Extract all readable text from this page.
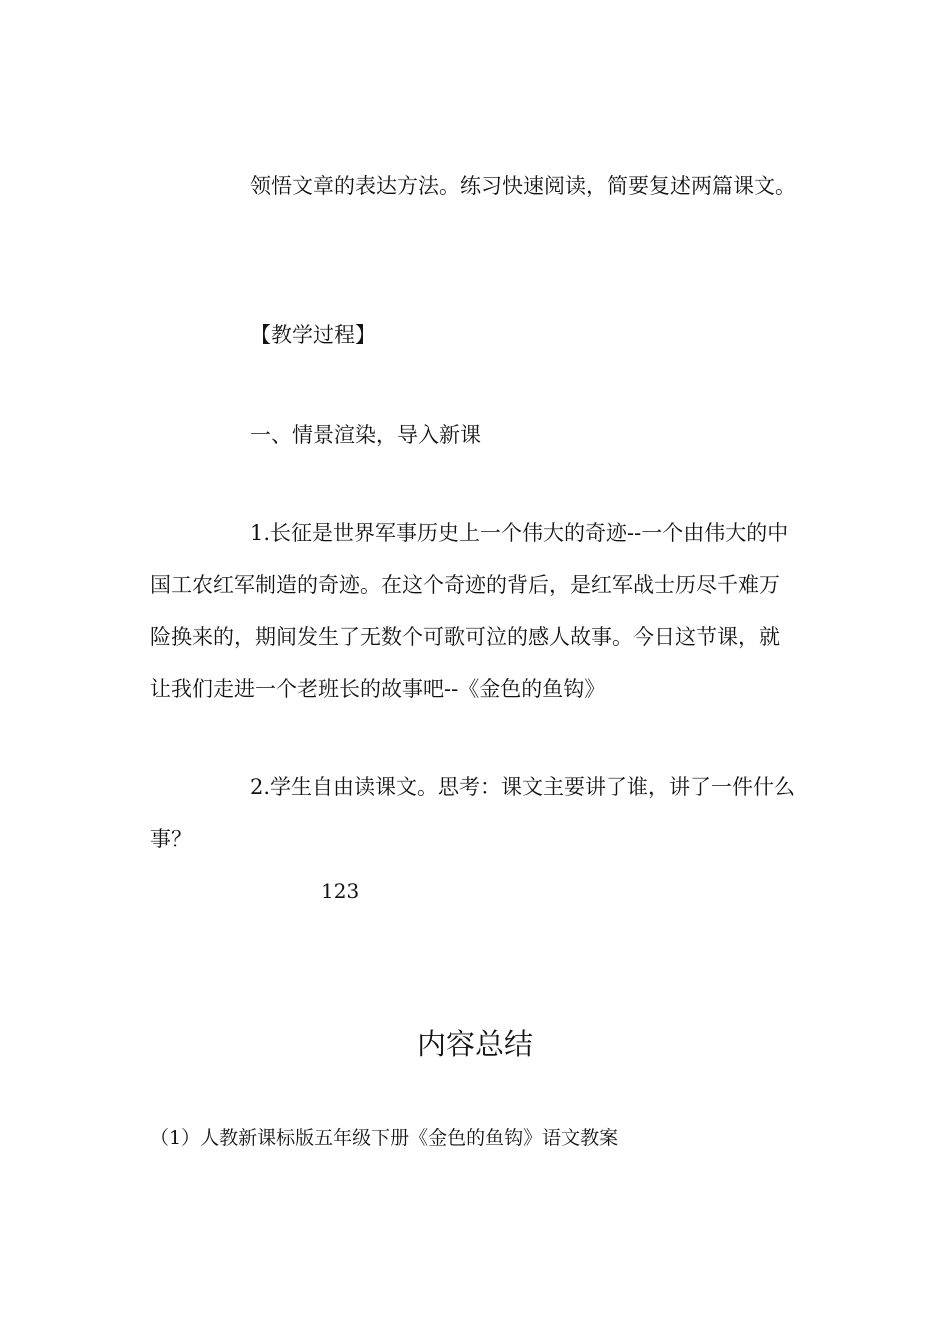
领悟文章的表达方法。练习快速阅读，简要复述两篇课文。

【教学过程】

一、情景渲染，导入新课

1.长征是世界军事历史上一个伟大的奇迹--一个由伟大的中国工农红军制造的奇迹。在这个奇迹的背后，是红军战士历尽千难万险换来的，期间发生了无数个可歌可泣的感人故事。今日这节课，就让我们走进一个老班长的故事吧--《金色的鱼钩》

2.学生自由读课文。思考：课文主要讲了谁，讲了一件什么事？

123
内容总结

（1）人教新课标版五年级下册《金色的鱼钩》语文教案
